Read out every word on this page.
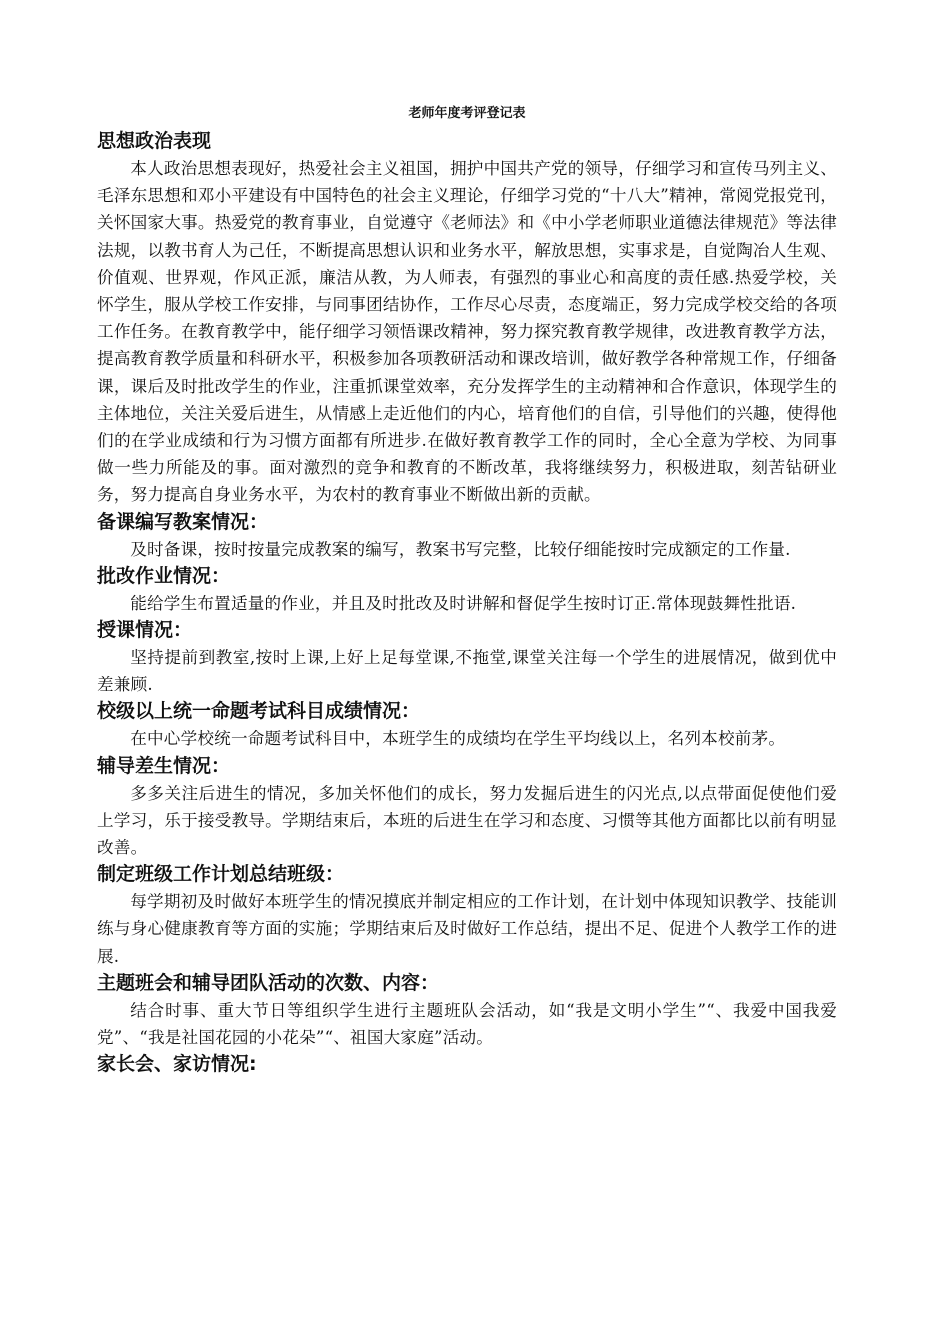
老师年度考评登记表
思想政治表现

本人政治思想表现好，热爱社会主义祖国，拥护中国共产党的领导，仔细学习和宣传马列主义、毛泽东思想和邓小平建设有中国特色的社会主义理论，仔细学习党的“十八大”精神，常阅党报党刊，关怀国家大事。热爱党的教育事业，自觉遵守《老师法》和《中小学老师职业道德法律规范》等法律法规，以教书育人为己任，不断提高思想认识和业务水平，解放思想，实事求是，自觉陶冶人生观、价值观、世界观，作风正派，廉洁从教，为人师表，有强烈的事业心和高度的责任感.热爱学校，关怀学生，服从学校工作安排，与同事团结协作，工作尽心尽责，态度端正，努力完成学校交给的各项工作任务。在教育教学中，能仔细学习领悟课改精神，努力探究教育教学规律，改进教育教学方法，提高教育教学质量和科研水平，积极参加各项教研活动和课改培训，做好教学各种常规工作，仔细备课，课后及时批改学生的作业，注重抓课堂效率，充分发挥学生的主动精神和合作意识，体现学生的主体地位，关注关爱后进生，从情感上走近他们的内心，培育他们的自信，引导他们的兴趣，使得他们的在学业成绩和行为习惯方面都有所进步.在做好教育教学工作的同时，全心全意为学校、为同事做一些力所能及的事。面对激烈的竞争和教育的不断改革，我将继续努力，积极进取，刻苦钻研业务，努力提高自身业务水平，为农村的教育事业不断做出新的贡献。

备课编写教案情况：

及时备课，按时按量完成教案的编写，教案书写完整，比较仔细能按时完成额定的工作量.

批改作业情况：

能给学生布置适量的作业，并且及时批改及时讲解和督促学生按时订正.常体现鼓舞性批语.

授课情况：

坚持提前到教室,按时上课,上好上足每堂课,不拖堂,课堂关注每一个学生的进展情况，做到优中差兼顾.

校级以上统一命题考试科目成绩情况：

在中心学校统一命题考试科目中，本班学生的成绩均在学生平均线以上，名列本校前茅。

辅导差生情况：

多多关注后进生的情况，多加关怀他们的成长，努力发掘后进生的闪光点,以点带面促使他们爱上学习，乐于接受教导。学期结束后，本班的后进生在学习和态度、习惯等其他方面都比以前有明显改善。

制定班级工作计划总结班级：

每学期初及时做好本班学生的情况摸底并制定相应的工作计划，在计划中体现知识教学、技能训练与身心健康教育等方面的实施；学期结束后及时做好工作总结，提出不足、促进个人教学工作的进展.

主题班会和辅导团队活动的次数、内容：

结合时事、重大节日等组织学生进行主题班队会活动，如“我是文明小学生”“、我爱中国我爱党”、“我是社国花园的小花朵”“、祖国大家庭”活动。

家长会、家访情况:
